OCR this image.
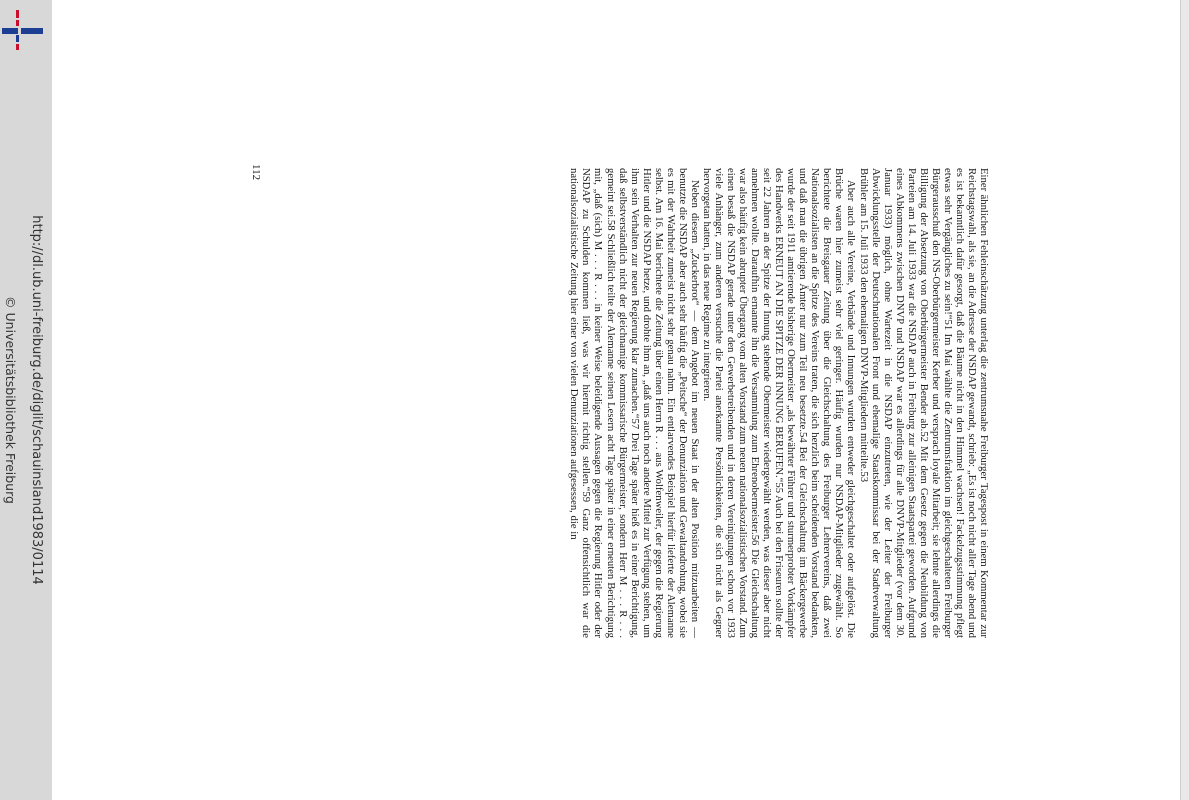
http://dl.ub.uni-freiburg.de/diglit/schauinsland1983/0114
© Universitätsbibliothek Freiburg	Einer ähnlichen Fehleinschätzung unterlag die zentrumsnahe Freiburger Tagespost in einem Kommentar zur Reichstagswahl, als sie, an die Adresse der NSDAP gewandt, schrieb: „Es ist noch nicht aller Tage abend und es ist bekanntlich dafür gesorgt, daß die Bäume nicht in den Himmel wachsen! Fackelzugsstimmung pflegt etwas sehr Vergängliches zu sein!“51 Im Mai wählte die Zentrumsfraktion im gleichgeschalteten Freiburger Bürgerausschuß den NS-Oberbürgermeister Kerber und versprach loyale Mitarbeit; sie lehnte allerdings die Billigung der Absetzung von Oberbürgermeister Bender ab.52 Mit dem Gesetz gegen die Neubildung von Parteien am 14. Juli 1933 war die NSDAP auch in Freiburg zur alleinigen Staatspartei geworden. Aufgrund eines Abkommens zwischen DNVP und NSDAP war es allerdings für alle DNVP-Mitglieder (vor dem 30. Januar 1933) möglich, ohne Wartezeit in die NSDAP einzutreten, wie der Leiter der Freiburger Abwicklungsstelle der Deutschnationalen Front und ehemalige Staatskommissar bei der Stadtverwaltung Brühler am 15. Juli 1933 den ehemaligen DNVP-Mitgliedern mitteilte.53

Aber auch alle Vereine, Verbände und Innungen wurden entweder gleichgeschaltet oder aufgelöst. Die Brüche waren hier zumeist sehr viel geringer. Häufig wurden nur NSDAP-Mitglieder zugewählt. So berichtete die Breisgauer Zeitung über die Gleichschaltung des Freiburger Lehrervereins, daß zwei Nationalsozialisten an die Spitze des Vereins traten, die sich herzlich beim scheidenden Vorstand bedankten, und daß man die übrigen Ämter nur zum Teil neu besetzte.54 Bei der Gleichschaltung im Bäckergewerbe wurde der seit 1911 amtierende bisherige Obermeister „als bewährter Führer und sturmerprobter Vorkämpfer des Handwerks ERNEUT AN DIE SPITZE DER INNUNG BERUFEN.“55 Auch bei den Friseuren sollte der seit 22 Jahren an der Spitze der Innung stehende Obermeister wiedergewählt werden, was dieser aber nicht annehmen wollte. Daraufhin ernannte ihn die Versammlung zum Ehrenobermeister.56 Die Gleichschaltung war also häufig kein abrupter Übergang vom alten Vorstand zum neuen nationalsozialistischen Vorstand. Zum einen besaß die NSDAP gerade unter den Gewerbetreibenden und in deren Vereinigungen schon vor 1933 viele Anhänger, zum anderen versuchte die Partei anerkannte Persönlichkeiten, die sich nicht als Gegner hervorgetan hatten, in das neue Regime zu integrieren.

Neben diesem „Zuckerbrot“ — dem Angebot im neuen Staat in der alten Position mitzuarbeiten — benutzte die NSDAP aber auch sehr häufig die „Peitsche“ der Denunziation und Gewaltandrohung, wobei sie es mit der Wahrheit zumeist nicht sehr genau nahm. Ein entlarvendes Beispiel hierfür lieferte der Alemanne selbst. Am 16. Mai berichtete die Zeitung über einen Herrn R . . . aus Wolfenweiler, der gegen die Regierung Hitler und die NSDAP hetze, und drohte ihm an, „daß uns auch noch andere Mittel zur Verfügung stehen, um ihm sein Verhalten zur neuen Regierung klar zumachen.“57 Drei Tage später hieß es in einer Berichtigung, daß selbstverständlich nicht der gleichnamige kommissarische Bürgermeister, sondern Herr M . . . R . . . gemeint sei.58 Schließlich teilte der Alemanne seinen Lesern acht Tage später in einer erneuten Berichtigung mit, „daß (sich) M . . . R . . . in keiner Weise beleidigende Aussagen gegen die Regierung Hitler oder der NSDAP zu Schulden kommen ließ, was wir hiermit richtig stellen.“59 Ganz offensichtlich war die nationalsozialistische Zeitung hier einer von vielen Denunziationen aufgesessen, die in

112
